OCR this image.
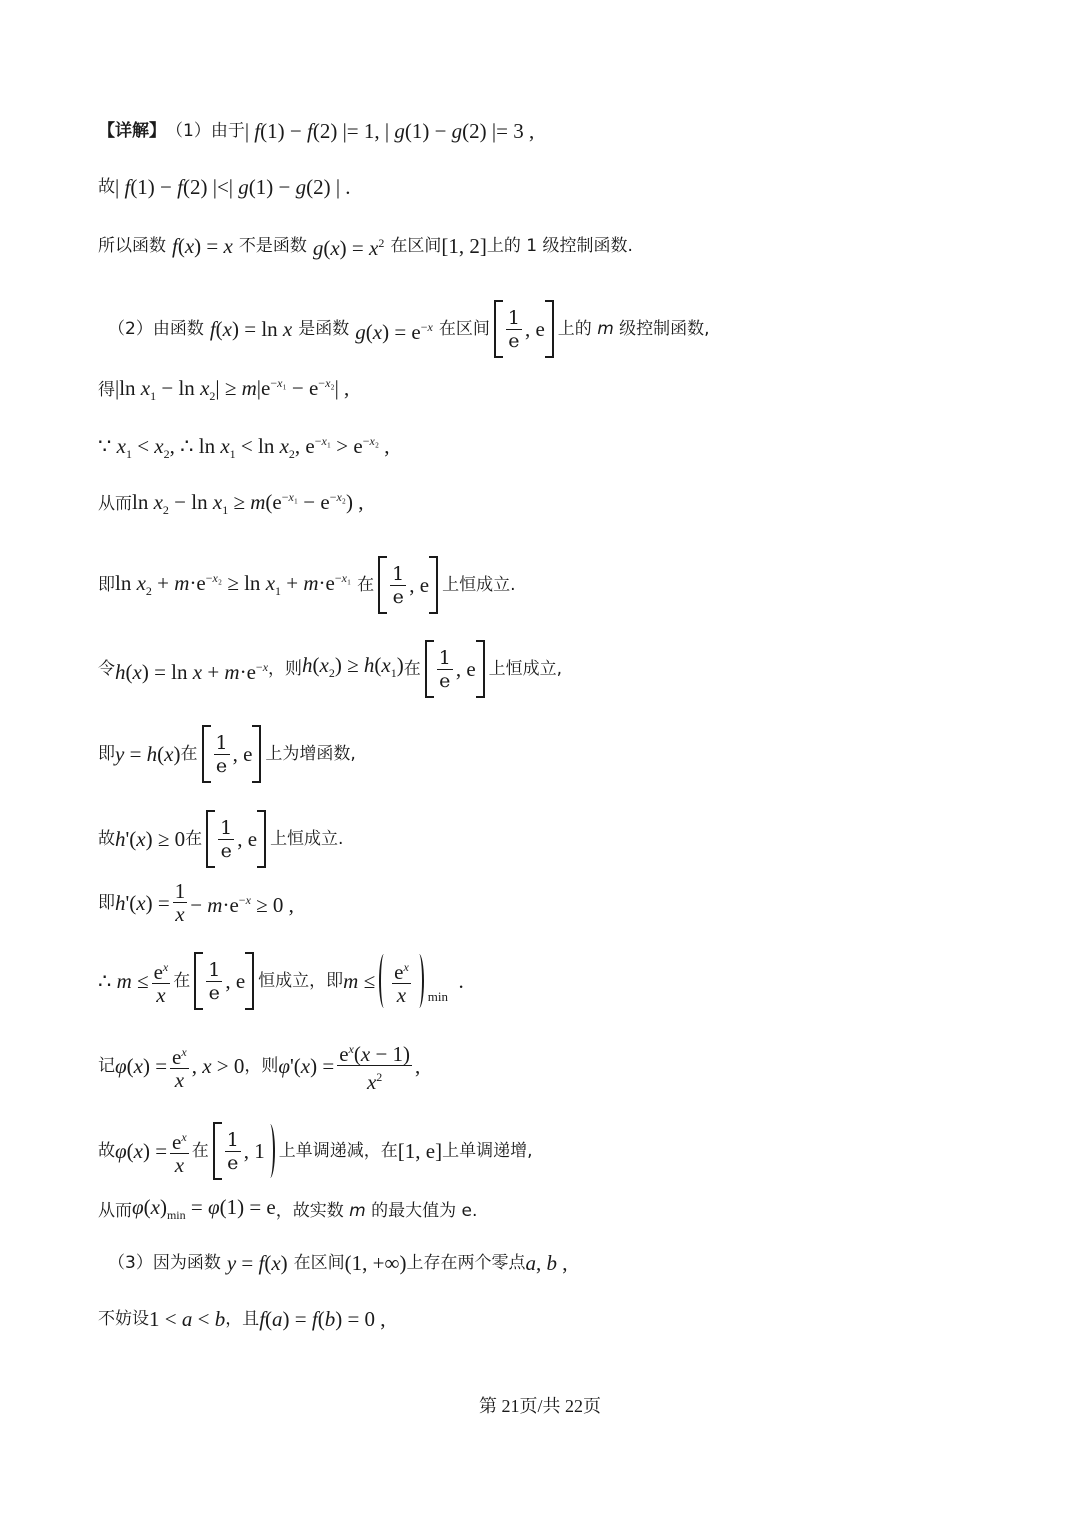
【详解】 （1）由于 | f(1) − f(2) |= 1, | g(1) − g(2) |= 3 ,
故 | f(1) − f(2) |<| g(1) − g(2) | .
所以函数 f(x) = x 不是函数 $g(x) = x^2$ 在区间 [1, 2] 上的 1 级控制函数.
（2）由函数 f(x) = ln x 是函数 $g(x) = e^{-x}$ 在区间 $\frac{1}{e}$ , e 上的 m 级控制函数,
得 |ln $x_1 - \ln x_2| \ge m|e^{-x_1} - e^{-x_2}|$ ,
∵ $x_1 < x_2$, ∴ $\ln x_1 < \ln x_2$, $e^{-x_1} > e^{-x_2}$ ,
从而 $\ln x_2 - \ln x_1 \ge m(e^{-x_1} - e^{-x_2})$ ,
即 $\ln x_2 + m\cdot e^{-x_2} \ge \ln x_1 + m\cdot e^{-x_1}$ 在 $\frac{1}{e}$ , e 上恒成立.
令 $h(x) = \ln x + m\cdot e^{-x}$ ，则 $h(x_2) \ge h(x_1)$ 在 $\frac{1}{e}$ , e 上恒成立,
即 y = h(x) 在 $\frac{1}{e}$ , e 上为增函数,
故 h'(x) ≥ 0 在 $\frac{1}{e}$ , e 上恒成立.
即 $h'(x) = \frac{1}{x} - m\cdot e^{-x} \ge 0$ ,
∴ $m \le \frac{e^x}{x}$ 在 $\frac{1}{e}$ , e 恒成立，即 $m \le \frac{e^x}{x}$ min
.
记 $\varphi(x) = \frac{e^x}{x}$ , x > 0 ，则 $\varphi'(x) = \frac{e^x(x - 1)}{x^2}$ ,
故 $\varphi(x) = \frac{e^x}{x}$ 在 $\frac{1}{e}$ , 1 上单调递减，在 [1, e] 上单调递增,
从而 $\varphi(x)_{min} = \varphi(1) = e$ ，故实数 m 的最大值为 e.
（3）因为函数 y = f(x) 在区间 (1, +∞) 上存在两个零点 a, b ,
不妨设 1 < a < b ，且 f(a) = f(b) = 0 ,
第 21页/共 22页
